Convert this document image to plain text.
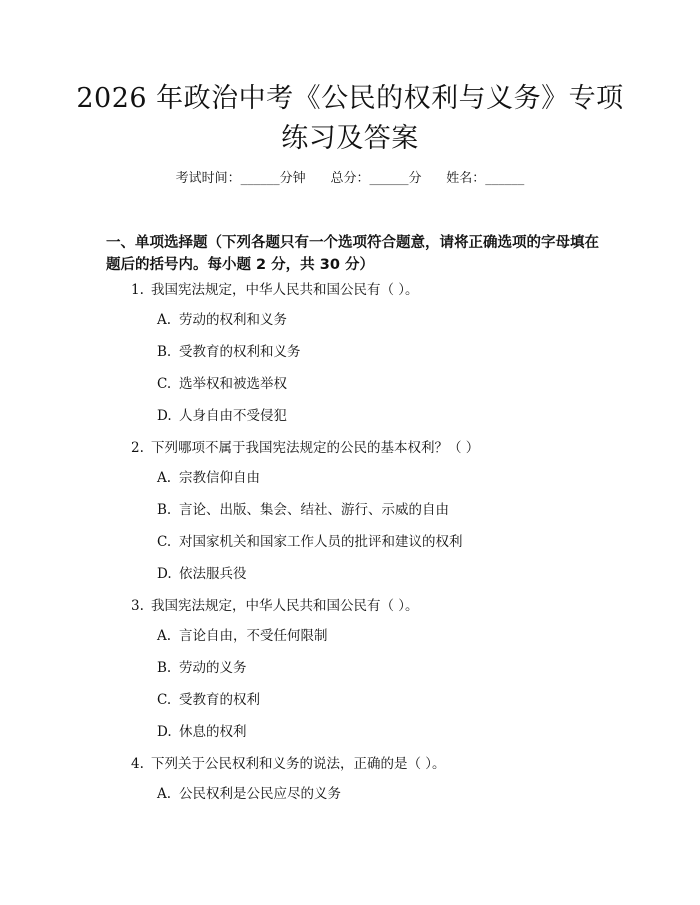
2026 年政治中考《公民的权利与义务》专项

练习及答案

考试时间：______分钟 总分：______分 姓名：______
一、单项选择题（下列各题只有一个选项符合题意，请将正确选项的字母填在题后的括号内。每小题 2 分，共 30 分）
1. 我国宪法规定，中华人民共和国公民有（ ）。
A. 劳动的权利和义务
B. 受教育的权利和义务
C. 选举权和被选举权
D. 人身自由不受侵犯
2. 下列哪项不属于我国宪法规定的公民的基本权利？（ ）
A. 宗教信仰自由
B. 言论、出版、集会、结社、游行、示威的自由
C. 对国家机关和国家工作人员的批评和建议的权利
D. 依法服兵役
3. 我国宪法规定，中华人民共和国公民有（ ）。
A. 言论自由，不受任何限制
B. 劳动的义务
C. 受教育的权利
D. 休息的权利
4. 下列关于公民权利和义务的说法，正确的是（ ）。
A. 公民权利是公民应尽的义务
